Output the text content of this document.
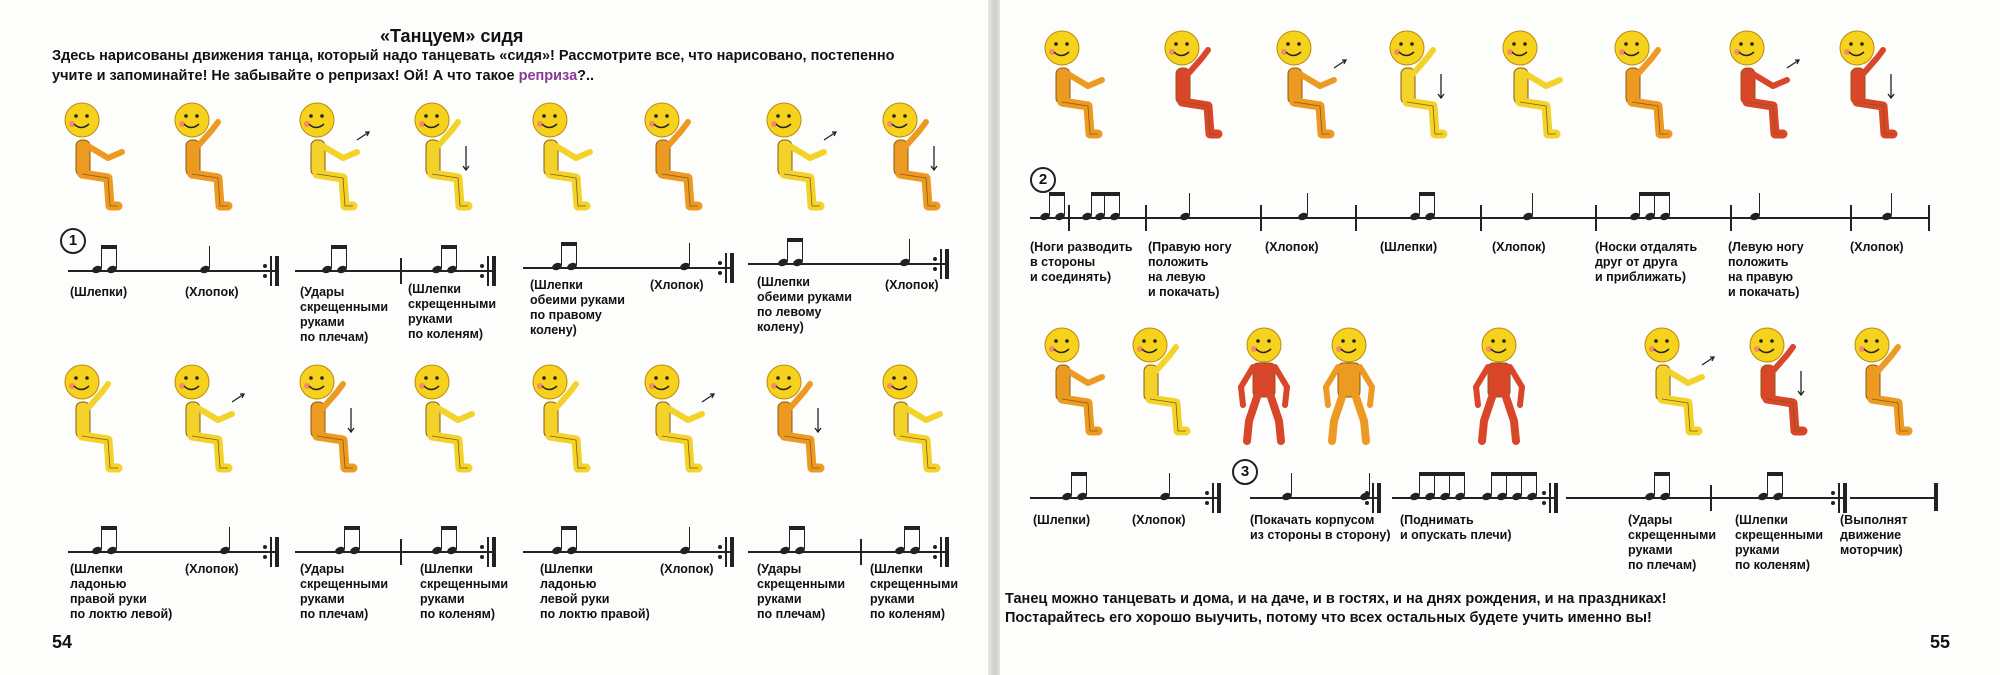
«Танцуем» сидя
Здесь нарисованы движения танца, который надо танцевать «сидя»! Рассмотрите все, что нарисовано, постепенно
учите и запоминайте! Не забывайте о репризах! Ой! А что такое реприза?..
(Шлепки)	(Хлопок)	(Удары
скрещенными
руками
по плечам)
(Шлепки
скрещенными
руками
по коленям)
(Шлепки
обеими руками
по правому
колену)
(Хлопок)	(Шлепки
обеими руками
по левому
колену)
(Хлопок)
(Шлепки
ладонью
правой руки
по локтю левой)
(Хлопок)	(Удары
скрещенными
руками
по плечам)
(Шлепки
скрещенными
руками
по коленям)
(Шлепки
ладонью
левой руки
по локтю правой)
(Хлопок)	(Удары
скрещенными
руками
по плечам)
(Шлепки
скрещенными
руками
по коленям)
1
54
(Ноги разводить
в стороны
и соединять)
(Правую ногу
положить
на левую
и покачать)
(Хлопок)	(Шлепки)	(Хлопок)	(Носки отдалять
друг от друга
и приближать)
(Левую ногу
положить
на правую
и покачать)
(Хлопок)
(Шлепки)	(Хлопок)	(Покачать корпусом
из стороны в сторону)
(Поднимать
и опускать плечи)
(Удары
скрещенными
руками
по плечам)
(Шлепки
скрещенными
руками
по коленям)
(Выполнят
движение
моторчик)
2
3
55
Танец можно танцевать и дома, и на даче, и в гостях, и на днях рождения, и на праздниках!
Постарайтесь его хорошо выучить, потому что всех остальных будете учить именно вы!
